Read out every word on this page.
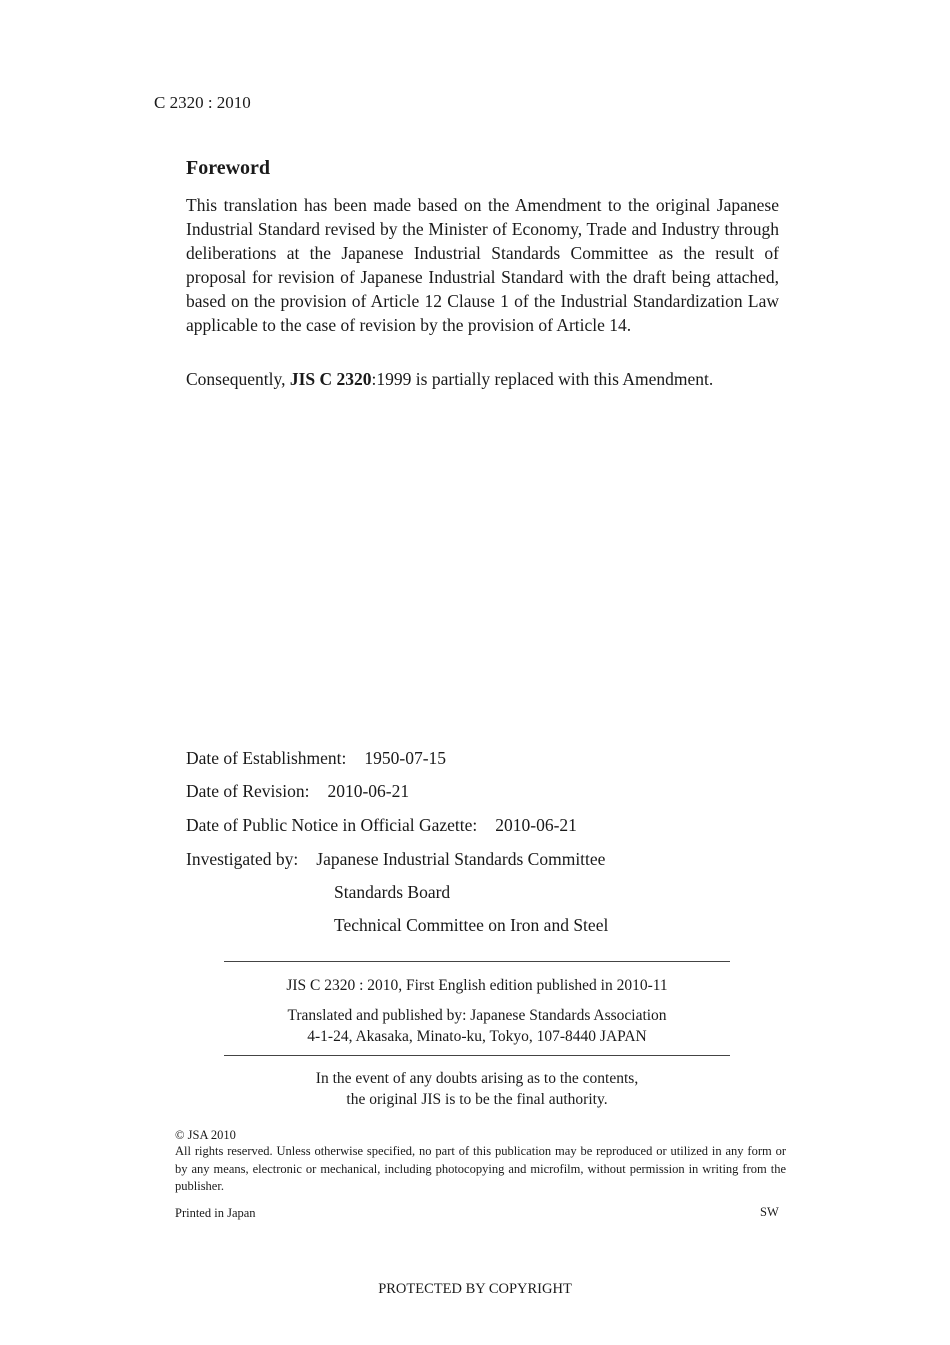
C 2320 : 2010
Foreword

This translation has been made based on the Amendment to the original Japanese Industrial Standard revised by the Minister of Economy, Trade and Industry through deliberations at the Japanese Industrial Standards Committee as the result of proposal for revision of Japanese Industrial Standard with the draft being attached, based on the provision of Article 12 Clause 1 of the Industrial Standardization Law applicable to the case of revision by the provision of Article 14.

Consequently, JIS C 2320:1999 is partially replaced with this Amendment.

Date of Establishment: 1950-07-15
Date of Revision: 2010-06-21
Date of Public Notice in Official Gazette: 2010-06-21
Investigated by: Japanese Industrial Standards Committee
Standards Board
Technical Committee on Iron and Steel
JIS C 2320 : 2010, First English edition published in 2010-11
Translated and published by: Japanese Standards Association
4-1-24, Akasaka, Minato-ku, Tokyo, 107-8440 JAPAN
In the event of any doubts arising as to the contents,
the original JIS is to be the final authority.
© JSA 2010
All rights reserved. Unless otherwise specified, no part of this publication may be reproduced or utilized in any form or by any means, electronic or mechanical, including photocopying and microfilm, without permission in writing from the publisher.
Printed in Japan	SW
PROTECTED BY COPYRIGHT
